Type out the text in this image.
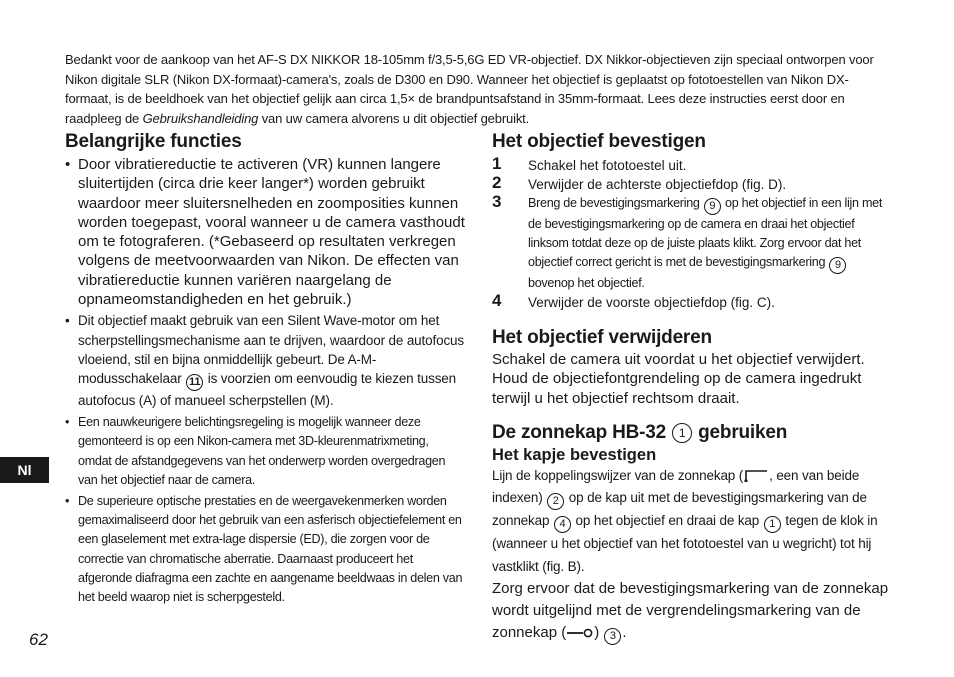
Bedankt voor de aankoop van het AF-S DX NIKKOR 18-105mm f/3,5-5,6G ED VR-objectief. DX Nikkor-objectieven zijn speciaal ontworpen voor Nikon digitale SLR (Nikon DX-formaat)-camera's, zoals de D300 en D90. Wanneer het objectief is geplaatst op fototoestellen van Nikon DX-formaat, is de beeldhoek van het objectief gelijk aan circa 1,5× de brandpuntsafstand in 35mm-formaat. Lees deze instructies eerst door en raadpleeg de Gebruikshandleiding van uw camera alvorens u dit objectief gebruikt.
Belangrijke functies
• Door vibratiereductie te activeren (VR) kunnen langere sluitertijden (circa drie keer langer*) worden gebruikt waardoor meer sluitersnelheden en zoomposities kunnen worden toegepast, vooral wanneer u de camera vasthoudt om te fotograferen. (*Gebaseerd op resultaten verkregen volgens de meetvoorwaarden van Nikon. De effecten van vibratiereductie kunnen variëren naargelang de opnameomstandigheden en het gebruik.)
• Dit objectief maakt gebruik van een Silent Wave-motor om het scherpstellingsmechanisme aan te drijven, waardoor de autofocus vloeiend, stil en bijna onmiddellijk gebeurt. De A-M-modusschakelaar 11 is voorzien om eenvoudig te kiezen tussen autofocus (A) of manueel scherpstellen (M).
• Een nauwkeurigere belichtingsregeling is mogelijk wanneer deze gemonteerd is op een Nikon-camera met 3D-kleurenmatrixmeting, omdat de afstandgegevens van het onderwerp worden overgedragen van het objectief naar de camera.
• De superieure optische prestaties en de weergavekenmerken worden gemaximaliseerd door het gebruik van een asferisch objectiefelement en een glaselement met extra-lage dispersie (ED), die zorgen voor de correctie van chromatische aberratie. Daarnaast produceert het afgeronde diafragma een zachte en aangename beeldwaas in delen van het beeld waarop niet is scherpgesteld.
Het objectief bevestigen
1 Schakel het fototoestel uit.
2 Verwijder de achterste objectiefdop (fig. D).
3 Breng de bevestigingsmarkering 9 op het objectief in een lijn met de bevestigingsmarkering op de camera en draai het objectief linksom totdat deze op de juiste plaats klikt. Zorg ervoor dat het objectief correct gericht is met de bevestigingsmarkering 9 bovenop het objectief.
4 Verwijder de voorste objectiefdop (fig. C).
Het objectief verwijderen
Schakel de camera uit voordat u het objectief verwijdert. Houd de objectiefontgrendeling op de camera ingedrukt terwijl u het objectief rechtsom draait.
De zonnekap HB-32 1 gebruiken
Het kapje bevestigen
Lijn de koppelingswijzer van de zonnekap ( , een van beide indexen) 2 op de kap uit met de bevestigingsmarkering van de zonnekap 4 op het objectief en draai de kap 1 tegen de klok in (wanneer u het objectief van het fototoestel van u wegricht) tot hij vastklikt (fig. B).
Zorg ervoor dat de bevestigingsmarkering van de zonnekap wordt uitgelijnd met de vergrendelingsmarkering van de zonnekap ( ) 3 .
Nl
62
